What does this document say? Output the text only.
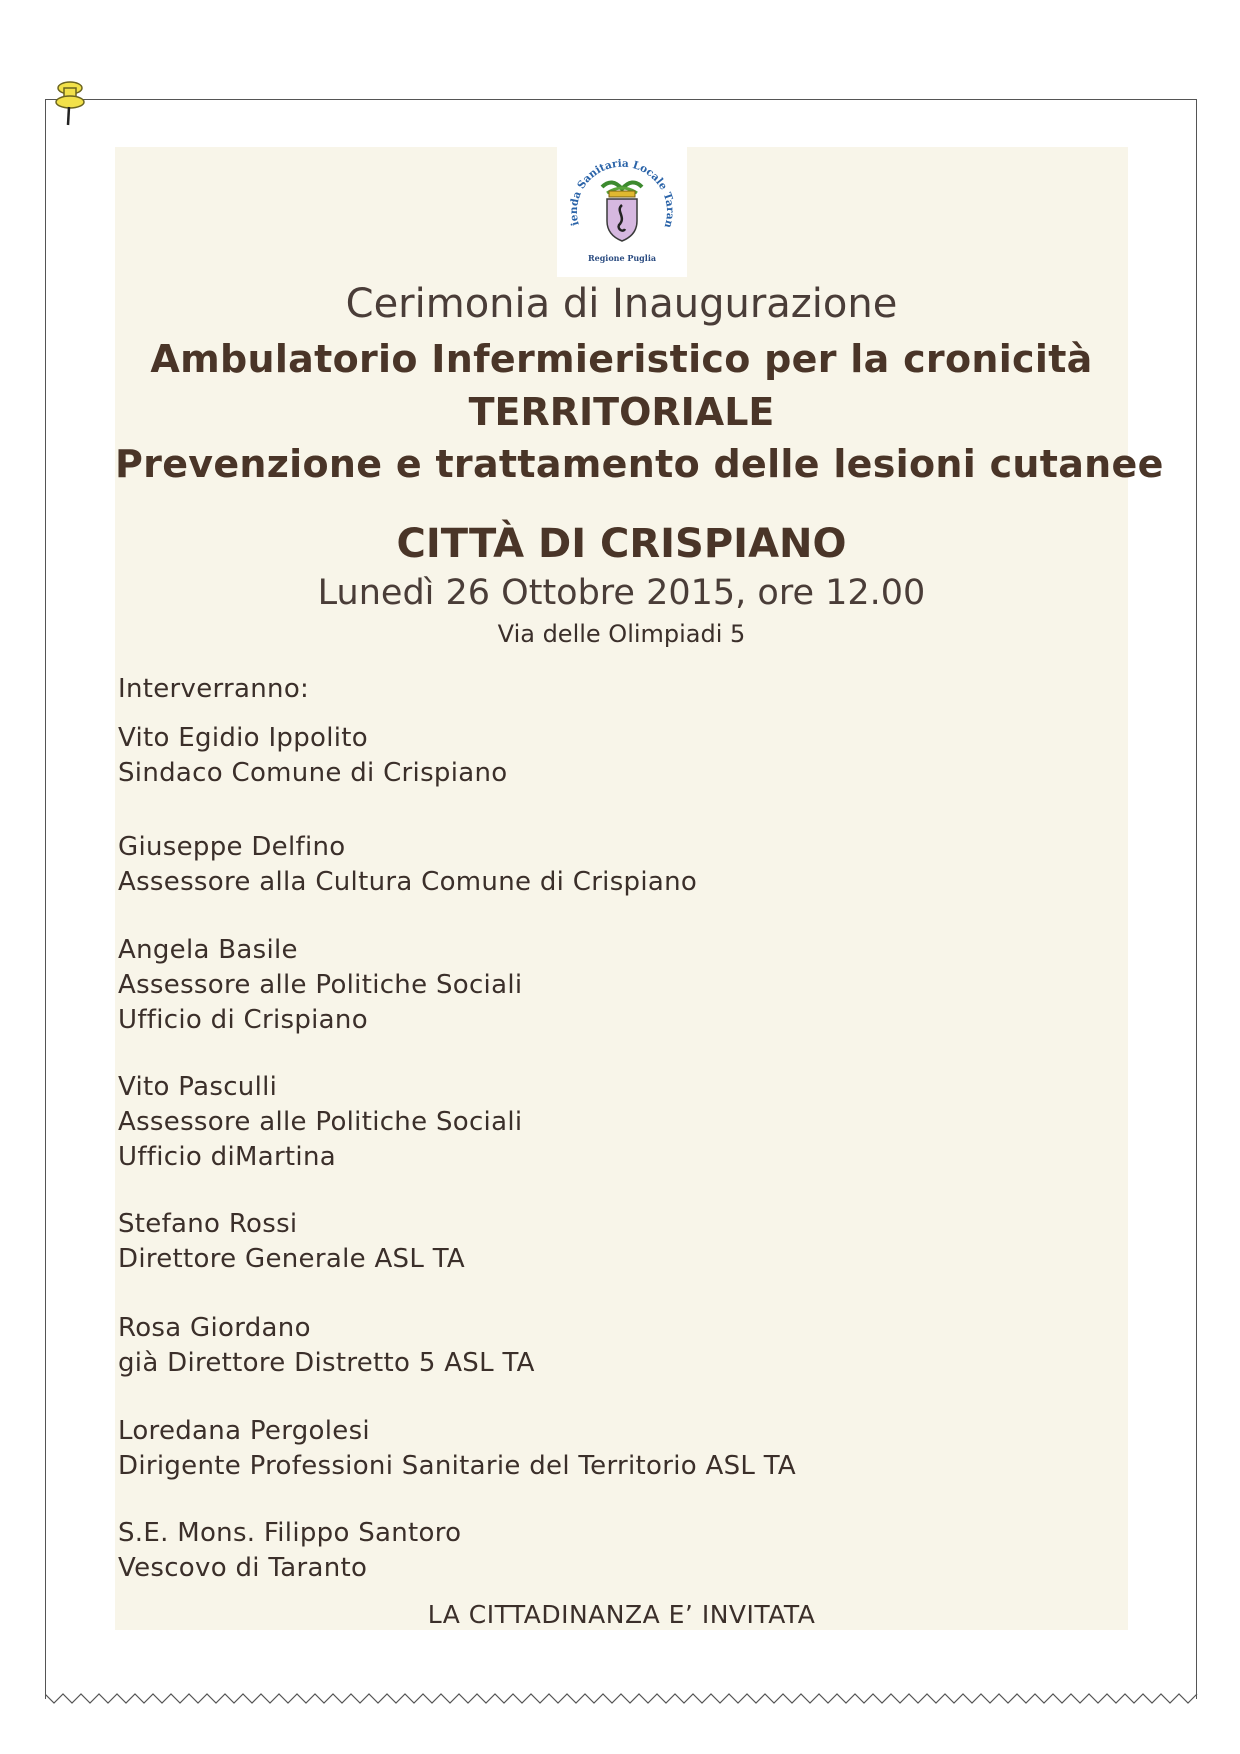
ienda Sanitaria Locale Taran
Regione Puglia
Cerimonia di Inaugurazione
Ambulatorio Infermieristico per la cronicità
TERRITORIALE
Prevenzione e trattamento delle lesioni cutanee
CITTÀ DI CRISPIANO
Lunedì 26 Ottobre 2015, ore 12.00
Via delle Olimpiadi 5
Interverranno:
Vito Egidio Ippolito
Sindaco Comune di Crispiano
Giuseppe Delfino
Assessore alla Cultura Comune di Crispiano
Angela Basile
Assessore alle Politiche Sociali
Ufficio di Crispiano
Vito Pasculli
Assessore alle Politiche Sociali
Ufficio diMartina
Stefano Rossi
Direttore Generale ASL TA
Rosa Giordano
già Direttore Distretto 5 ASL TA
Loredana Pergolesi
Dirigente Professioni Sanitarie del Territorio ASL TA
S.E. Mons. Filippo Santoro
Vescovo di Taranto
LA CITTADINANZA E’ INVITATA
